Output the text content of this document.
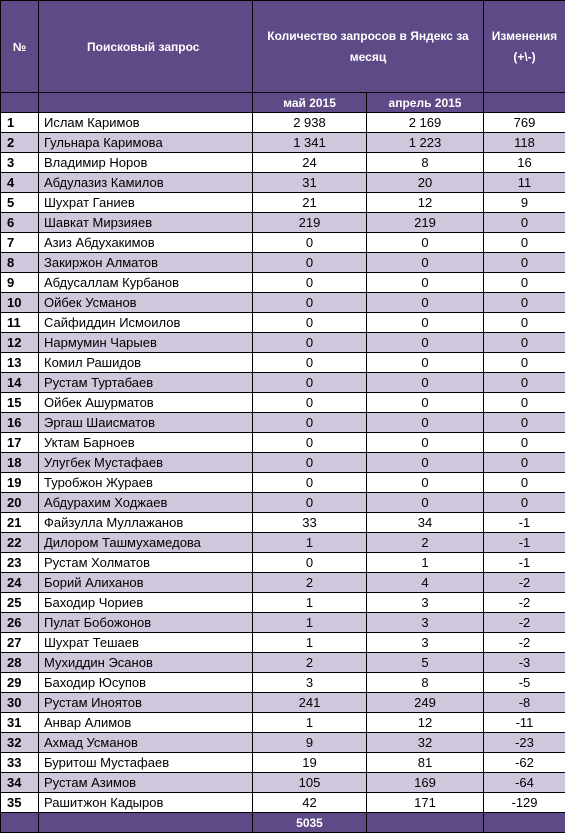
№	Поисковый запрос	Количество запросов в Яндекс за месяц		Изменения (+\-)
		май 2015	апрель 2015	
1	Ислам Каримов	2 938	2 169	769
2	Гульнара Каримова	1 341	1 223	118
3	Владимир Норов	24	8	16
4	Абдулазиз Камилов	31	20	11
5	Шухрат Ганиев	21	12	9
6	Шавкат Мирзияев	219	219	0
7	Азиз Абдухакимов	0	0	0
8	Закиржон Алматов	0	0	0
9	Абдусаллам Курбанов	0	0	0
10	Ойбек Усманов	0	0	0
11	Сайфиддин Исмоилов	0	0	0
12	Нармумин Чарыев	0	0	0
13	Комил Рашидов	0	0	0
14	Рустам Туртабаев	0	0	0
15	Ойбек Ашурматов	0	0	0
16	Эргаш Шаисматов	0	0	0
17	Уктам Барноев	0	0	0
18	Улугбек Мустафаев	0	0	0
19	Туробжон Жураев	0	0	0
20	Абдурахим Ходжаев	0	0	0
21	Файзулла Муллажанов	33	34	-1
22	Дилором Ташмухамедова	1	2	-1
23	Рустам Холматов	0	1	-1
24	Борий Алиханов	2	4	-2
25	Баходир Чориев	1	3	-2
26	Пулат Бобожонов	1	3	-2
27	Шухрат Тешаев	1	3	-2
28	Мухиддин Эсанов	2	5	-3
29	Баходир Юсупов	3	8	-5
30	Рустам Иноятов	241	249	-8
31	Анвар Алимов	1	12	-11
32	Ахмад Усманов	9	32	-23
33	Буритош Мустафаев	19	81	-62
34	Рустам Азимов	105	169	-64
35	Рашитжон Кадыров	42	171	-129
		5035		
